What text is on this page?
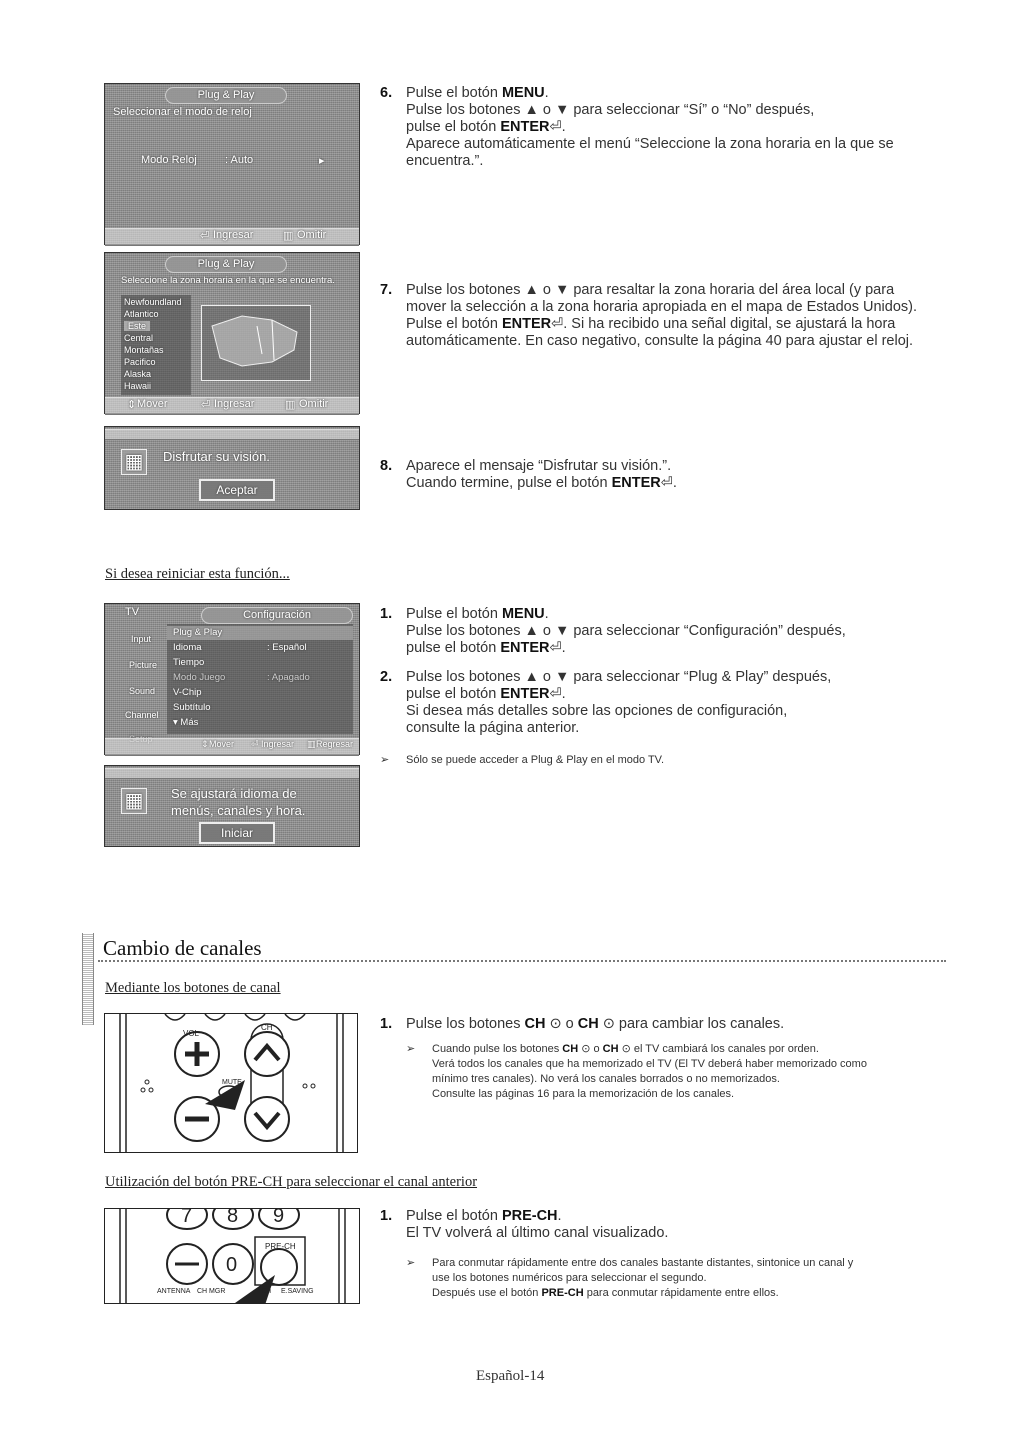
Plug & Play
Seleccionar el modo de reloj
Modo Reloj	: Auto	▸
⏎ Ingresar	▥ Omitir
Plug & Play
Seleccione la zona horaria en la que se encuentra.
Newfoundland
Atlantico
Este
Central
Montañas
Pacifico
Alaska
Hawaii
⇕ Mover	⏎ Ingresar	▥ Omitir
▦ Disfrutar su visión.
Aceptar
6. Pulse el botón MENU.
Pulse los botones ▲ o ▼ para seleccionar “Sí” o “No” después,
pulse el botón ENTER⏎.
Aparece automáticamente el menú “Seleccione la zona horaria en la que se
encuentra.”.
7. Pulse los botones ▲ o ▼ para resaltar la zona horaria del área local (y para
mover la selección a la zona horaria apropiada en el mapa de Estados Unidos).
Pulse el botón ENTER⏎. Si ha recibido una señal digital, se ajustará la hora
automáticamente. En caso negativo, consulte la página 40 para ajustar el reloj.
8. Aparece el mensaje “Disfrutar su visión.”.
Cuando termine, pulse el botón ENTER⏎.
Si desea reiniciar esta función...
TV	Configuración
Input
Picture
Sound
Channel
Plug & Play
Idioma	: Español
Tiempo
Modo Juego	: Apagado
V-Chip
Subtítulo
▾ Más
⇕ Mover ⏎ Ingresar ▥ Regresar
▦ Se ajustará idioma de
menús, canales y hora.
Iniciar
1. Pulse el botón MENU.
Pulse los botones ▲ o ▼ para seleccionar “Configuración” después,
pulse el botón ENTER⏎.
2. Pulse los botones ▲ o ▼ para seleccionar “Plug & Play” después,
pulse el botón ENTER⏎.
Si desea más detalles sobre las opciones de configuración,
consulte la página anterior.
➢ Sólo se puede acceder a Plug & Play en el modo TV.
Cambio de canales
Mediante los botones de canal
VOL
CH
MUTE
1. Pulse los botones CH ⊙ o CH ⊙ para cambiar los canales.
➢ Cuando pulse los botones CH ⊙ o CH ⊙ el TV cambiará los canales por orden.
Verá todos los canales que ha memorizado el TV (El TV deberá haber memorizado como
mínimo tres canales). No verá los canales borrados o no memorizados.
Consulte las páginas 16 para la memorización de los canales.
Utilización del botón PRE-CH para seleccionar el canal anterior
7 8 9
0
PRE-CH
ANTENNA CH MGR	CH E.SAVING
1. Pulse el botón PRE-CH.
El TV volverá al último canal visualizado.
➢ Para conmutar rápidamente entre dos canales bastante distantes, sintonice un canal y
use los botones numéricos para seleccionar el segundo.
Después use el botón PRE-CH para conmutar rápidamente entre ellos.
Español-14
